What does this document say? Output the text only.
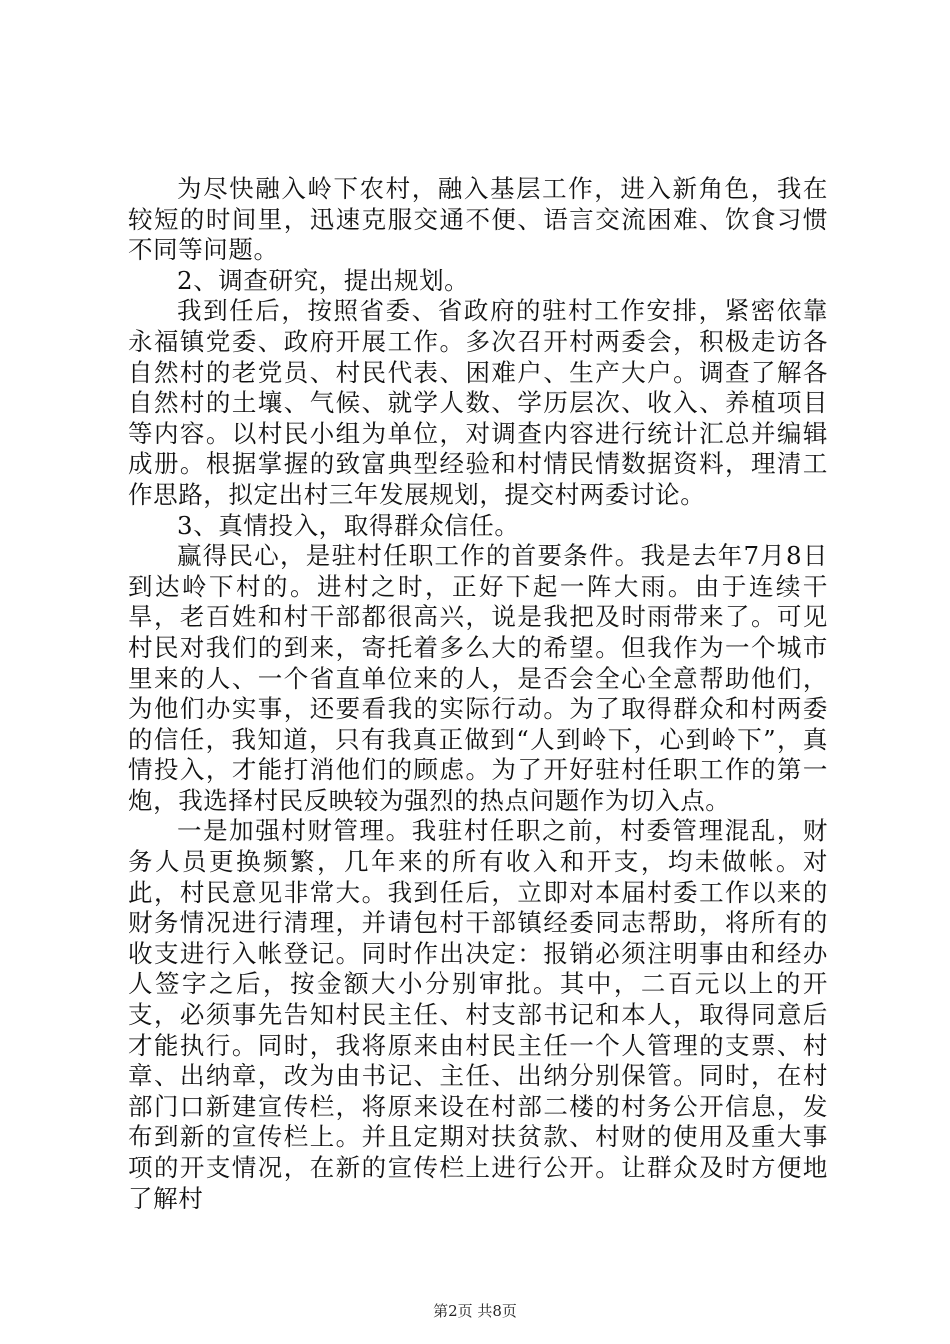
为尽快融入岭下农村，融入基层工作，进入新角色，我在较短的时间里，迅速克服交通不便、语言交流困难、饮食习惯不同等问题。

2、调查研究，提出规划。

我到任后，按照省委、省政府的驻村工作安排，紧密依靠永福镇党委、政府开展工作。多次召开村两委会，积极走访各自然村的老党员、村民代表、困难户、生产大户。调查了解各自然村的土壤、气候、就学人数、学历层次、收入、养植项目等内容。以村民小组为单位，对调查内容进行统计汇总并编辑成册。根据掌握的致富典型经验和村情民情数据资料，理清工作思路，拟定出村三年发展规划，提交村两委讨论。

3、真情投入，取得群众信任。

赢得民心，是驻村任职工作的首要条件。我是去年7月8日到达岭下村的。进村之时，正好下起一阵大雨。由于连续干旱，老百姓和村干部都很高兴，说是我把及时雨带来了。可见村民对我们的到来，寄托着多么大的希望。但我作为一个城市里来的人、一个省直单位来的人，是否会全心全意帮助他们，为他们办实事，还要看我的实际行动。为了取得群众和村两委的信任，我知道，只有我真正做到“人到岭下，心到岭下”，真情投入，才能打消他们的顾虑。为了开好驻村任职工作的第一炮，我选择村民反映较为强烈的热点问题作为切入点。

一是加强村财管理。我驻村任职之前，村委管理混乱，财务人员更换频繁，几年来的所有收入和开支，均未做帐。对此，村民意见非常大。我到任后，立即对本届村委工作以来的财务情况进行清理，并请包村干部镇经委同志帮助，将所有的收支进行入帐登记。同时作出决定：报销必须注明事由和经办人签字之后，按金额大小分别审批。其中，二百元以上的开支，必须事先告知村民主任、村支部书记和本人，取得同意后才能执行。同时，我将原来由村民主任一个人管理的支票、村章、出纳章，改为由书记、主任、出纳分别保管。同时，在村部门口新建宣传栏，将原来设在村部二楼的村务公开信息，发布到新的宣传栏上。并且定期对扶贫款、村财的使用及重大事项的开支情况，在新的宣传栏上进行公开。让群众及时方便地了解村

第2页 共8页
